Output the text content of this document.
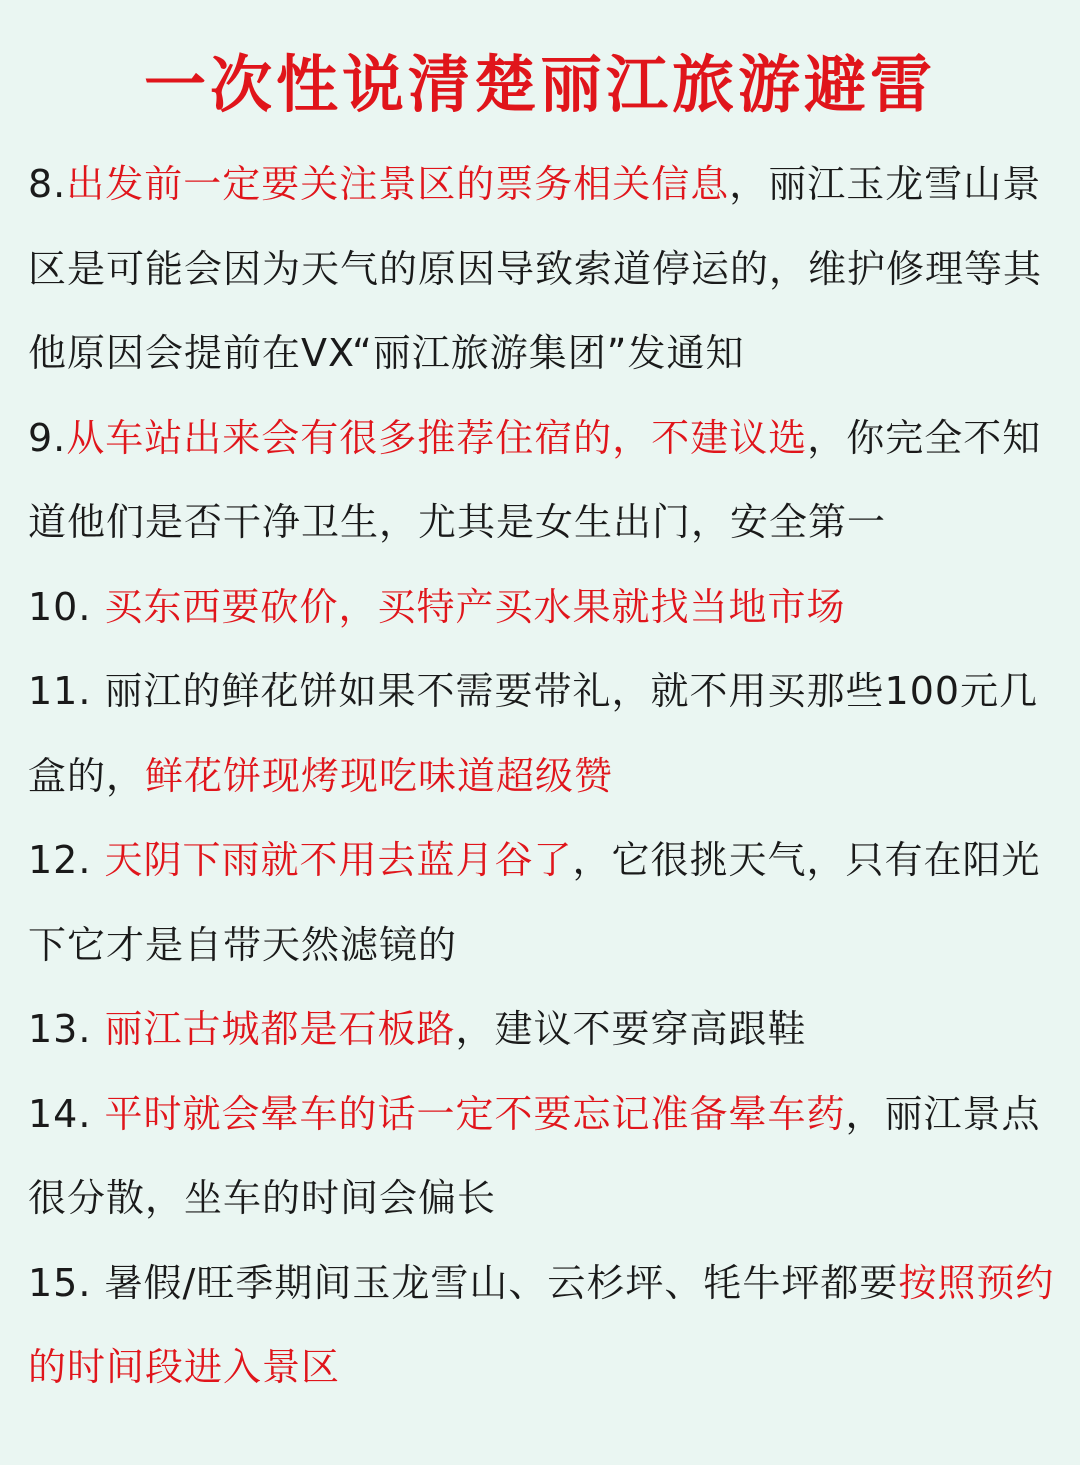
一次性说清楚丽江旅游避雷

8.出发前一定要关注景区的票务相关信息，丽江玉龙雪山景区是可能会因为天气的原因导致索道停运的，维护修理等其他原因会提前在VX“丽江旅游集团”发通知

9.从车站出来会有很多推荐住宿的，不建议选，你完全不知道他们是否干净卫生，尤其是女生出门，安全第一

10. 买东西要砍价，买特产买水果就找当地市场

11. 丽江的鲜花饼如果不需要带礼，就不用买那些100元几盒的，鲜花饼现烤现吃味道超级赞

12. 天阴下雨就不用去蓝月谷了，它很挑天气，只有在阳光下它才是自带天然滤镜的

13. 丽江古城都是石板路，建议不要穿高跟鞋

14. 平时就会晕车的话一定不要忘记准备晕车药，丽江景点很分散，坐车的时间会偏长

15. 暑假/旺季期间玉龙雪山、云杉坪、牦牛坪都要按照预约的时间段进入景区
